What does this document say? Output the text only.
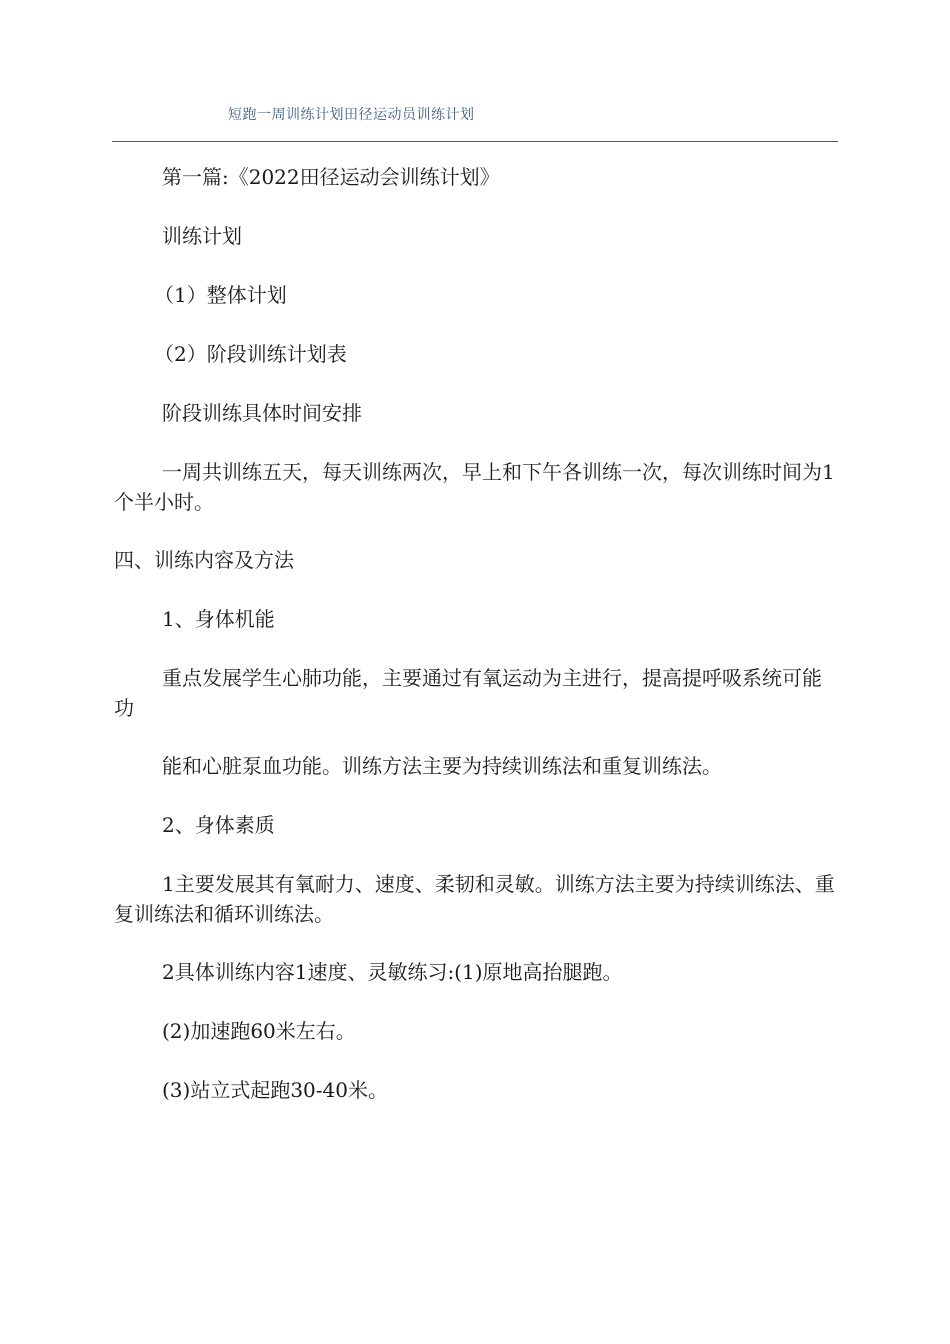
短跑一周训练计划田径运动员训练计划

第一篇:《2022田径运动会训练计划》

训练计划

（1）整体计划

（2）阶段训练计划表

阶段训练具体时间安排

一周共训练五天，每天训练两次，早上和下午各训练一次，每次训练时间为1个半小时。

四、训练内容及方法

1、身体机能

重点发展学生心肺功能，主要通过有氧运动为主进行，提高提呼吸系统可能功

能和心脏泵血功能。训练方法主要为持续训练法和重复训练法。

2、身体素质

1主要发展其有氧耐力、速度、柔韧和灵敏。训练方法主要为持续训练法、重复训练法和循环训练法。

2具体训练内容1速度、灵敏练习:(1)原地高抬腿跑。

(2)加速跑60米左右。

(3)站立式起跑30-40米。
